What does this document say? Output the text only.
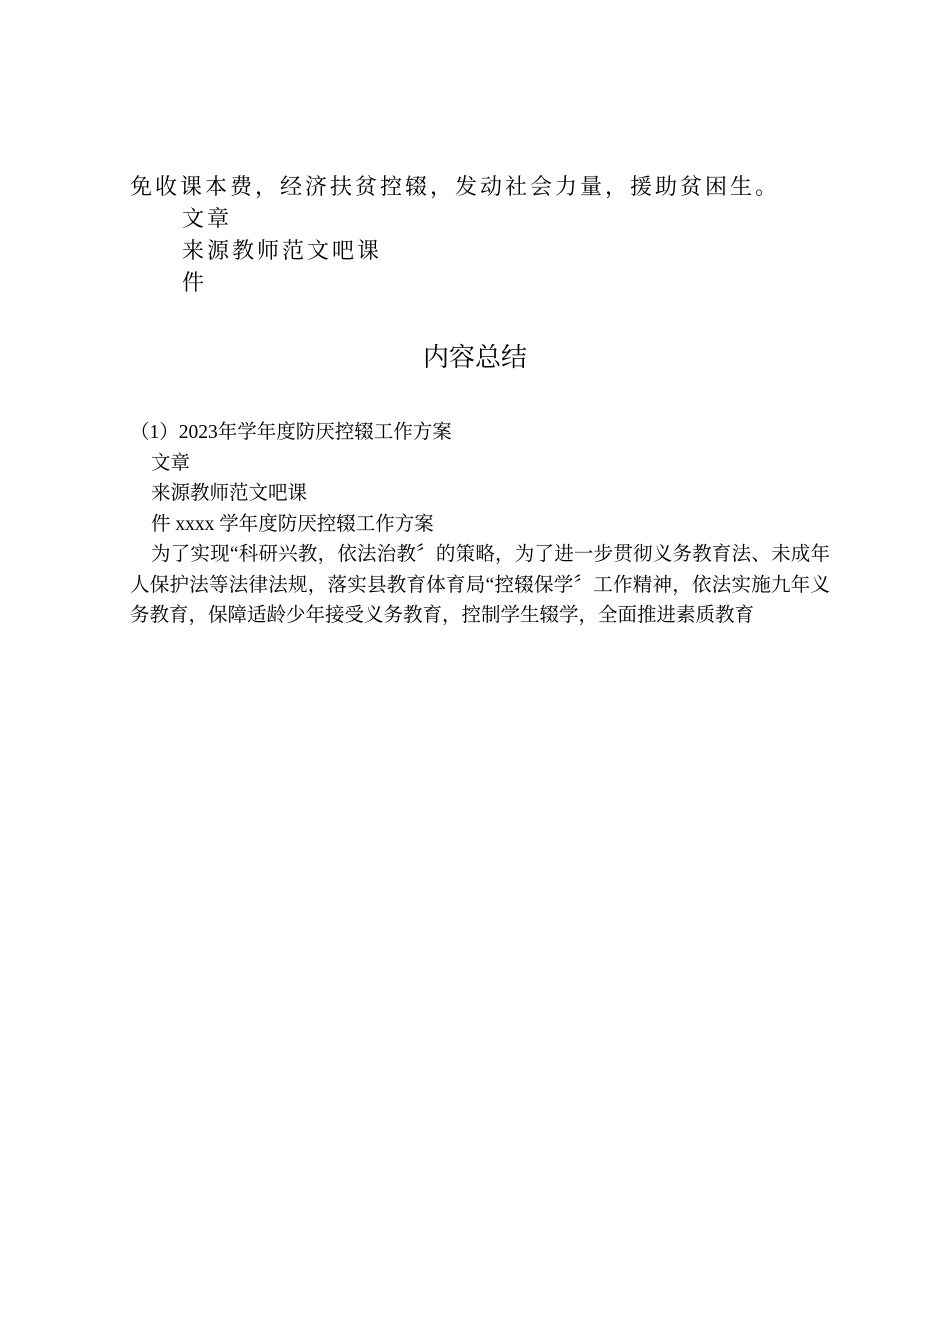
免收课本费，经济扶贫控辍，发动社会力量，援助贫困生。
文章
来源教师范文吧课
件
内容总结
（1）2023年学年度防厌控辍工作方案
文章
来源教师范文吧课
件 xxxx 学年度防厌控辍工作方案
为了实现“科研兴教，依法治教〞的策略，为了进一步贯彻义务教育法、未成年人保护法等法律法规，落实县教育体育局“控辍保学〞工作精神，依法实施九年义务教育，保障适龄少年接受义务教育，控制学生辍学，全面推进素质教育
